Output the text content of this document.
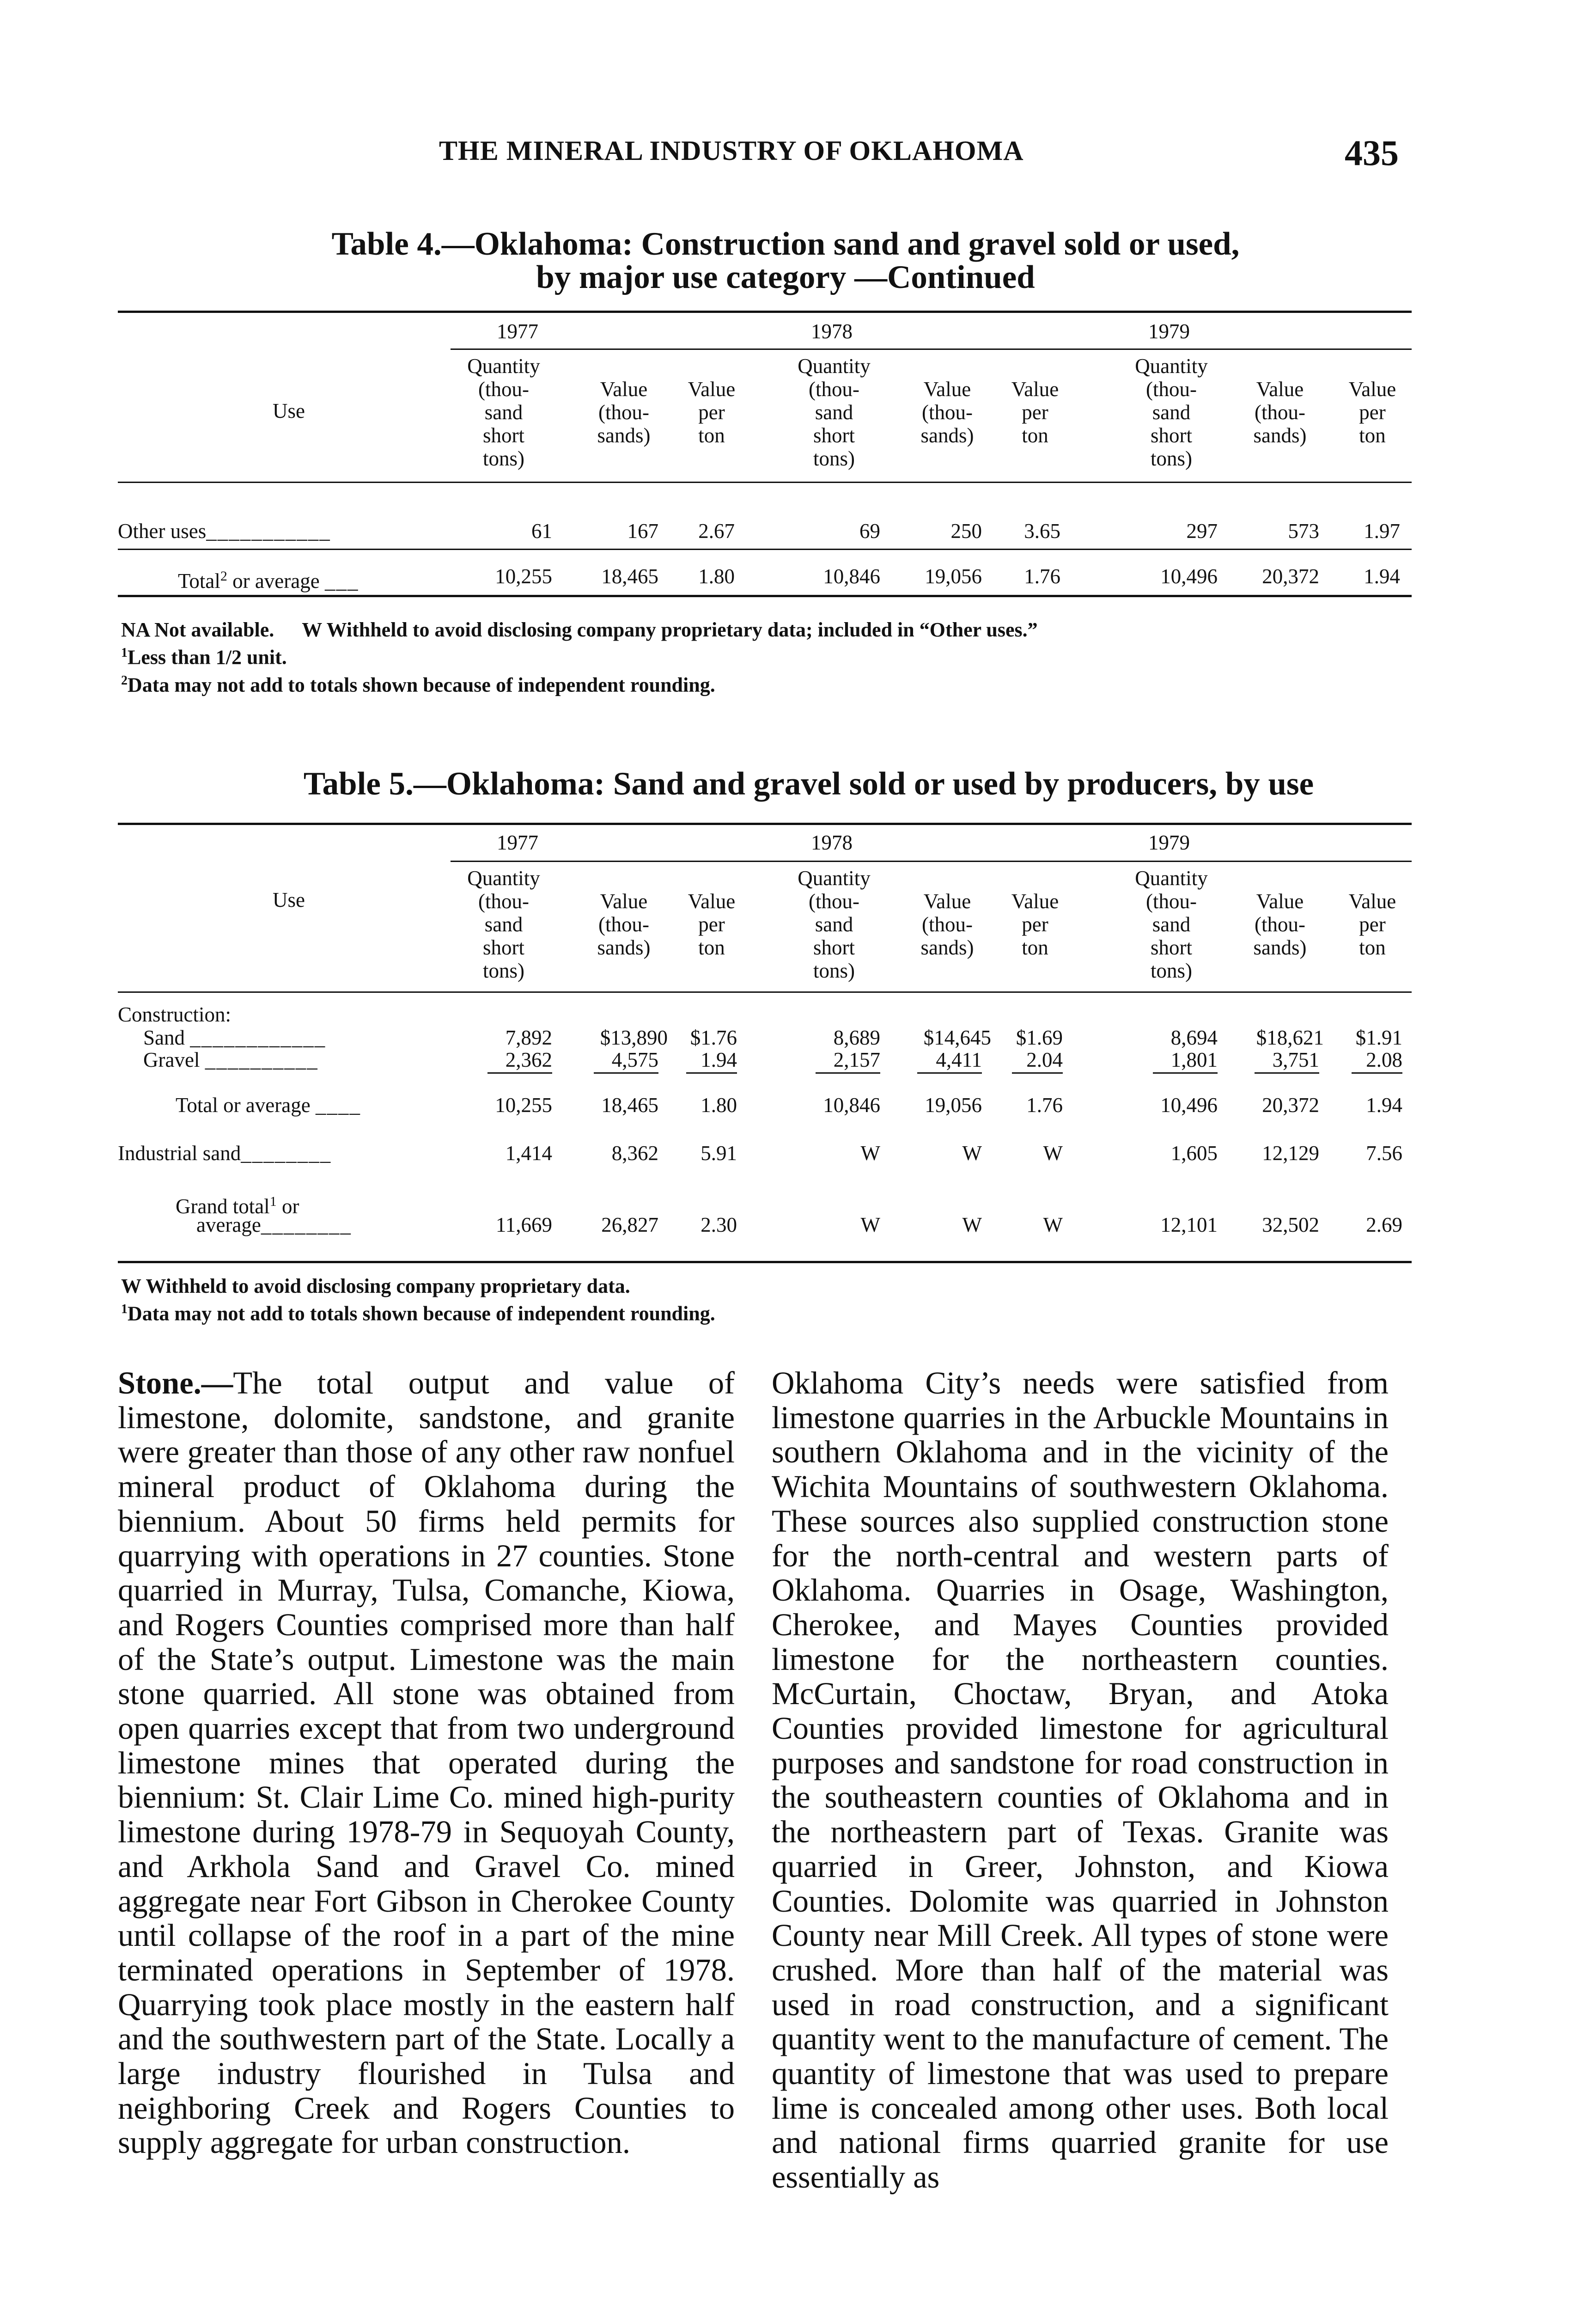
THE MINERAL INDUSTRY OF OKLAHOMA	435
Table 4.—Oklahoma: Construction sand and gravel sold or used,
by major use category —Continued
1977	1978	1979
Use
Quantity
(thou-
sand
short
tons)
Value
(thou-
sands)
Value
per
ton
Quantity
(thou-
sand
short
tons)
Value
(thou-
sands)
Value
per
ton
Quantity
(thou-
sand
short
tons)
Value
(thou-
sands)
Value
per
ton
Other uses___________	61	167	2.67	69	250	3.65	297	573	1.97
Total$^2$ or average ___	10,255	18,465	1.80	10,846	19,056	1.76	10,496	20,372	1.94

NA Not available. W Withheld to avoid disclosing company proprietary data; included in “Other uses.”

$^1$Less than 1/2 unit.

$^2$Data may not add to totals shown because of independent rounding.

Table 5.—Oklahoma: Sand and gravel sold or used by producers, by use
1977	1978	1979
Use
Quantity
(thou-
sand
short
tons)
Value
(thou-
sands)
Value
per
ton
Quantity
(thou-
sand
short
tons)
Value
(thou-
sands)
Value
per
ton
Quantity
(thou-
sand
short
tons)
Value
(thou-
sands)
Value
per
ton
Construction:
Sand ____________	7,892	$13,890	$1.76	8,689	$14,645	$1.69	8,694	$18,621	$1.91
Gravel __________	2,362	4,575	1.94	2,157	4,411	2.04	1,801	3,751	2.08
Total or average ____	10,255	18,465	1.80	10,846	19,056	1.76	10,496	20,372	1.94
Industrial sand________	1,414	8,362	5.91	W	W	W	1,605	12,129	7.56
Grand total$^1$ or
average________	11,669	26,827	2.30	W	W	W	12,101	32,502	2.69

W Withheld to avoid disclosing company proprietary data.

$^1$Data may not add to totals shown because of independent rounding.

Stone.—The total output and value of limestone, dolomite, sandstone, and granite were greater than those of any other raw nonfuel mineral product of Oklahoma during the biennium. About 50 firms held permits for quarrying with operations in 27 counties. Stone quarried in Murray, Tulsa, Comanche, Kiowa, and Rogers Counties comprised more than half of the State’s output. Limestone was the main stone quarried. All stone was obtained from open quarries except that from two underground limestone mines that operated during the biennium: St. Clair Lime Co. mined high-purity limestone during 1978-79 in Sequoyah County, and Arkhola Sand and Gravel Co. mined aggregate near Fort Gibson in Cherokee County until collapse of the roof in a part of the mine terminated operations in September of 1978. Quarrying took place mostly in the eastern half and the southwestern part of the State. Locally a large industry flourished in Tulsa and neighboring Creek and Rogers Counties to supply aggregate for urban construction.

Oklahoma City’s needs were satisfied from limestone quarries in the Arbuckle Mountains in southern Oklahoma and in the vicinity of the Wichita Mountains of southwestern Oklahoma. These sources also supplied construction stone for the north-central and western parts of Oklahoma. Quarries in Osage, Washington, Cherokee, and Mayes Counties provided limestone for the northeastern counties. McCurtain, Choctaw, Bryan, and Atoka Counties provided limestone for agricultural purposes and sandstone for road construction in the southeastern counties of Oklahoma and in the northeastern part of Texas. Granite was quarried in Greer, Johnston, and Kiowa Counties. Dolomite was quarried in Johnston County near Mill Creek. All types of stone were crushed. More than half of the material was used in road construction, and a significant quantity went to the manufacture of cement. The quantity of limestone that was used to prepare lime is concealed among other uses. Both local and national firms quarried granite for use essentially as
